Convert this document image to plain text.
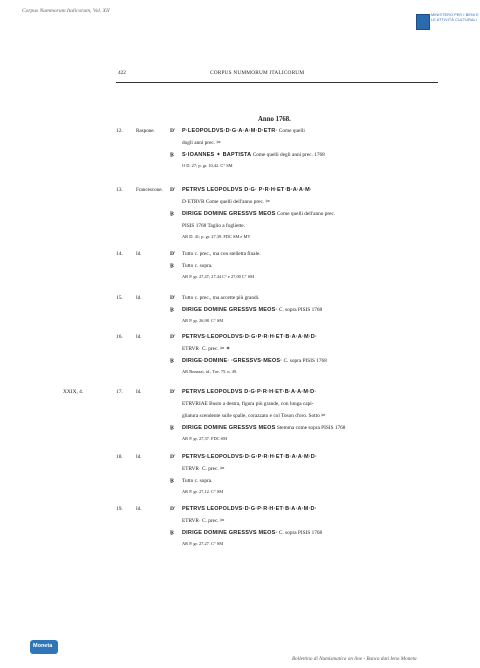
Corpus Nummorum Italicorum, Vol. XII
MINISTERO PER I BENI E LE ATTIVITÀ CULTURALI
422	CORPUS NUMMORUM ITALICORUM
Anno 1768.
12.	Raspone.	D' P·LEOPOLDVS·D·G·A·A·M·D·ETR· Come quelli
dogli anni prec. ✂
Ɽ S·IOANNES ✦ BAPTISTA Come quelli degli anni prec. 1768
O D. 27; p. gr. 10,42. C° SM
13.	Francescone. D' PETRVS LEOPOLDVS D·G· P·R·H·ET·B·A·A·M·
D·ETRVR Come quelli dell'anno prec. ✂
Ɽ DIRIGE DOMINE GRESSVS MEOS Come quelli dell'anno prec.
PISIS 1768 Taglio a fogliette.
AR D. 41; p. gr. 27,39. FDC SM e MV
14.	Id.	D' Tutto c. prec., ma con stelletta finale.
Ɽ Tutto c. sopra.
AR P. gr. 27,47; 27,44 C° e 27,00 C° SM
15.	Id.	D' Tutto c. prec., ma accette più grandi.
Ɽ DIRIGE DOMINE GRESSVS MEOS· C. sopra PISIS 1768
AR P. gr. 26,98. C° SM
16.	Id.	D' PETRVS·LEOPOLDVS·D·G·P·R·H·ET·B·A·A·M·D·
ETRVR· C. prec. ✂ ✶
Ɽ DIRIGE·DOMINE· ·GRESSVS·MEOS· C. sopra PISIS 1768
AR Bonazzi, id., Tav. 75, n. 49.
XXIX, 4.	17.	Id.	D' PETRVS LEOPOLDVS D·G·P·R·H·ET·B·A·A·M·D·
ETRVRIAE Busto a destra, figura più grande, con lunga capi-
gliatura scendente sulle spalle, corazzato e col Toson d'oro. Sotto ✂
Ɽ DIRIGE DOMINE GRESSVS MEOS Stemma come sopra PISIS 1768
AR P. gr. 27,37. FDC SM
18.	Id.	D' PETRVS·LEOPOLDVS·D·G·P·R·H·ET·B·A·A·M·D·
ETRVR· C. prec. ✂
Ɽ Tutto c. sopra.
AR P. gr. 27,12. C° SM
19.	Id.	D' PETRVS LEOPOLDVS·D·G·P·R·H·ET·B·A·A·M·D·
ETRVR· C. prec. ✂
Ɽ DIRIGE DOMINE GRESSVS MEOS· C. sopra PISIS 1768
AR P. gr. 27,27. C° SM
Moneta
Bollettino di Numismatica on line - Banca dati Ieno Moneta
